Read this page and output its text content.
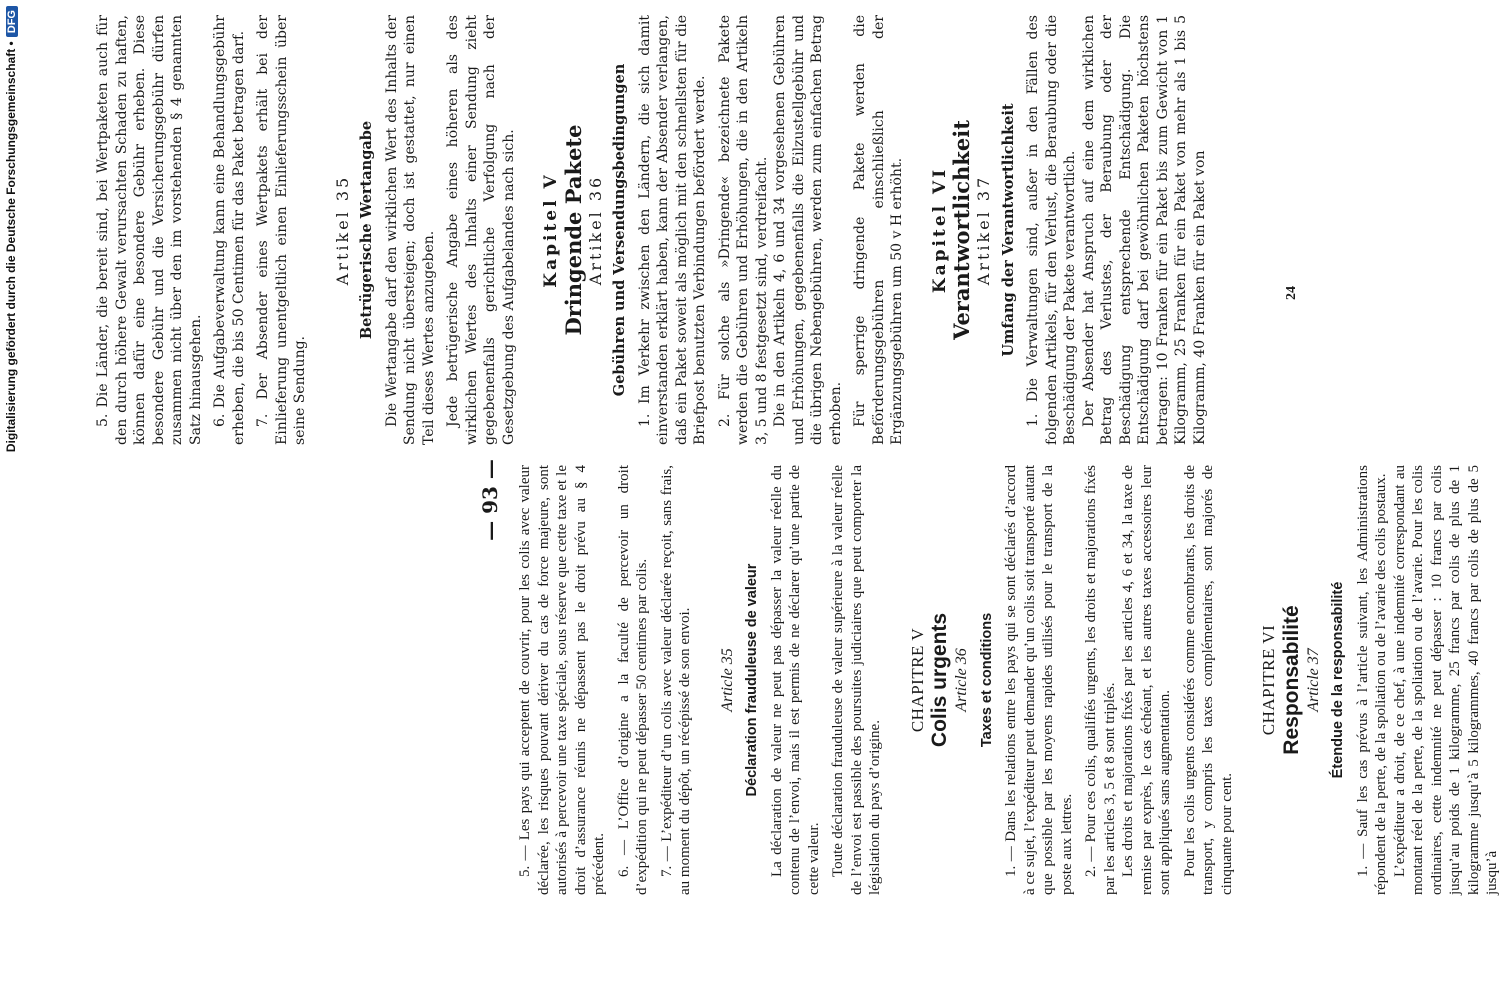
Digitalisierung gefördert durch die Deutsche Forschungsgemeinschaft •DFG
— 93 — 5. — Les pays qui acceptent de couvrir, pour les colis avec valeur déclarée, les risques pouvant dériver du cas de force majeure, sont autorisés à percevoir une taxe spéciale, sous réserve que cette taxe et le droit d’assurance réunis ne dépassent pas le droit prévu au § 4 précédent. 6. — L’Office d’origine a la faculté de percevoir un droit d’expédition qui ne peut dépasser 50 centimes par colis. 7. — L’expéditeur d’un colis avec valeur déclarée reçoit, sans frais, au moment du dépôt, un récépissé de son envoi. Article 35 Déclaration frauduleuse de valeur La déclaration de valeur ne peut pas dépasser la valeur réelle du contenu de l’envoi, mais il est permis de ne déclarer qu’une partie de cette valeur. Toute déclaration frauduleuse de valeur supérieure à la valeur réelle de l’envoi est passible des poursuites judiciaires que peut comporter la législation du pays d’origine.

CHAPITRE V Colis urgents Article 36 Taxes et conditions 1. — Dans les relations entre les pays qui se sont déclarés d’accord à ce sujet, l’expéditeur peut demander qu’un colis soit transporté autant que possible par les moyens rapides utilisés pour le transport de la poste aux lettres. 2. — Pour ces colis, qualifiés urgents, les droits et majorations fixés par les articles 3, 5 et 8 sont triplés. Les droits et majorations fixés par les articles 4, 6 et 34, la taxe de remise par exprès, le cas échéant, et les autres taxes accessoires leur sont appliqués sans augmentation. Pour les colis urgents considérés comme encombrants, les droits de transport, y compris les taxes complémentaires, sont majorés de cinquante pour cent.

CHAPITRE VI Responsabilité Article 37 Étendue de la responsabilité 1. — Sauf les cas prévus à l’article suivant, les Administrations répondent de la perte, de la spoliation ou de l’avarie des colis postaux. L’expéditeur a droit, de ce chef, à une indemnité correspondant au montant réel de la perte, de la spoliation ou de l’avarie. Pour les colis ordinaires, cette indemnité ne peut dépasser : 10 francs par colis jusqu’au poids de 1 kilogramme, 25 francs par colis de plus de 1 kilogramme jusqu’à 5 kilogrammes, 40 francs par colis de plus de 5 jusqu’à

5. Die Länder, die bereit sind, bei Wertpaketen auch für den durch höhere Gewalt verursachten Schaden zu haften, können dafür eine besondere Gebühr erheben. Diese besondere Gebühr und die Versicherungsgebühr dürfen zusammen nicht über den im vorstehenden § 4 genannten Satz hinausgehen. 6. Die Aufgabeverwaltung kann eine Behandlungsgebühr erheben, die bis 50 Centimen für das Paket betragen darf. 7. Der Absender eines Wertpakets erhält bei der Einlieferung unentgeltlich einen Einlieferungsschein über seine Sendung.

Artikel 35 Betrügerische Wertangabe Die Wertangabe darf den wirklichen Wert des Inhalts der Sendung nicht übersteigen; doch ist gestattet, nur einen Teil dieses Wertes anzugeben. Jede betrügerische Angabe eines höheren als des wirklichen Wertes des Inhalts einer Sendung zieht gegebenenfalls gerichtliche Verfolgung nach der Gesetzgebung des Aufgabelandes nach sich. Kapitel V Dringende Pakete Artikel 36 Gebühren und Versendungsbedingungen 1. Im Verkehr zwischen den Ländern, die sich damit einverstanden erklärt haben, kann der Absender verlangen, daß ein Paket soweit als möglich mit den schnellsten für die Briefpost benutzten Verbindungen befördert werde. 2. Für solche als »Dringende« bezeichnete Pakete werden die Gebühren und Erhöhungen, die in den Artikeln 3, 5 und 8 festgesetzt sind, verdreifacht. Die in den Artikeln 4, 6 und 34 vorgesehenen Gebühren und Erhöhungen, gegebenenfalls die Eilzustellgebühr und die übrigen Nebengebühren, werden zum einfachen Betrag erhoben. Für sperrige dringende Pakete werden die Beförderungsgebühren einschließlich der Ergänzungsgebühren um 50 v H erhöht. Kapitel VI Verantwortlichkeit Artikel 37 Umfang der Verantwortlichkeit 1. Die Verwaltungen sind, außer in den Fällen des folgenden Artikels, für den Verlust, die Beraubung oder die Beschädigung der Pakete verantwortlich. Der Absender hat Anspruch auf eine dem wirklichen Betrag des Verlustes, der Beraubung oder der Beschädigung entsprechende Entschädigung. Die Entschädigung darf bei gewöhnlichen Paketen höchstens betragen: 10 Franken für ein Paket bis zum Gewicht von 1 Kilogramm, 25 Franken für ein Paket von mehr als 1 bis 5 Kilogramm, 40 Franken für ein Paket von	24
